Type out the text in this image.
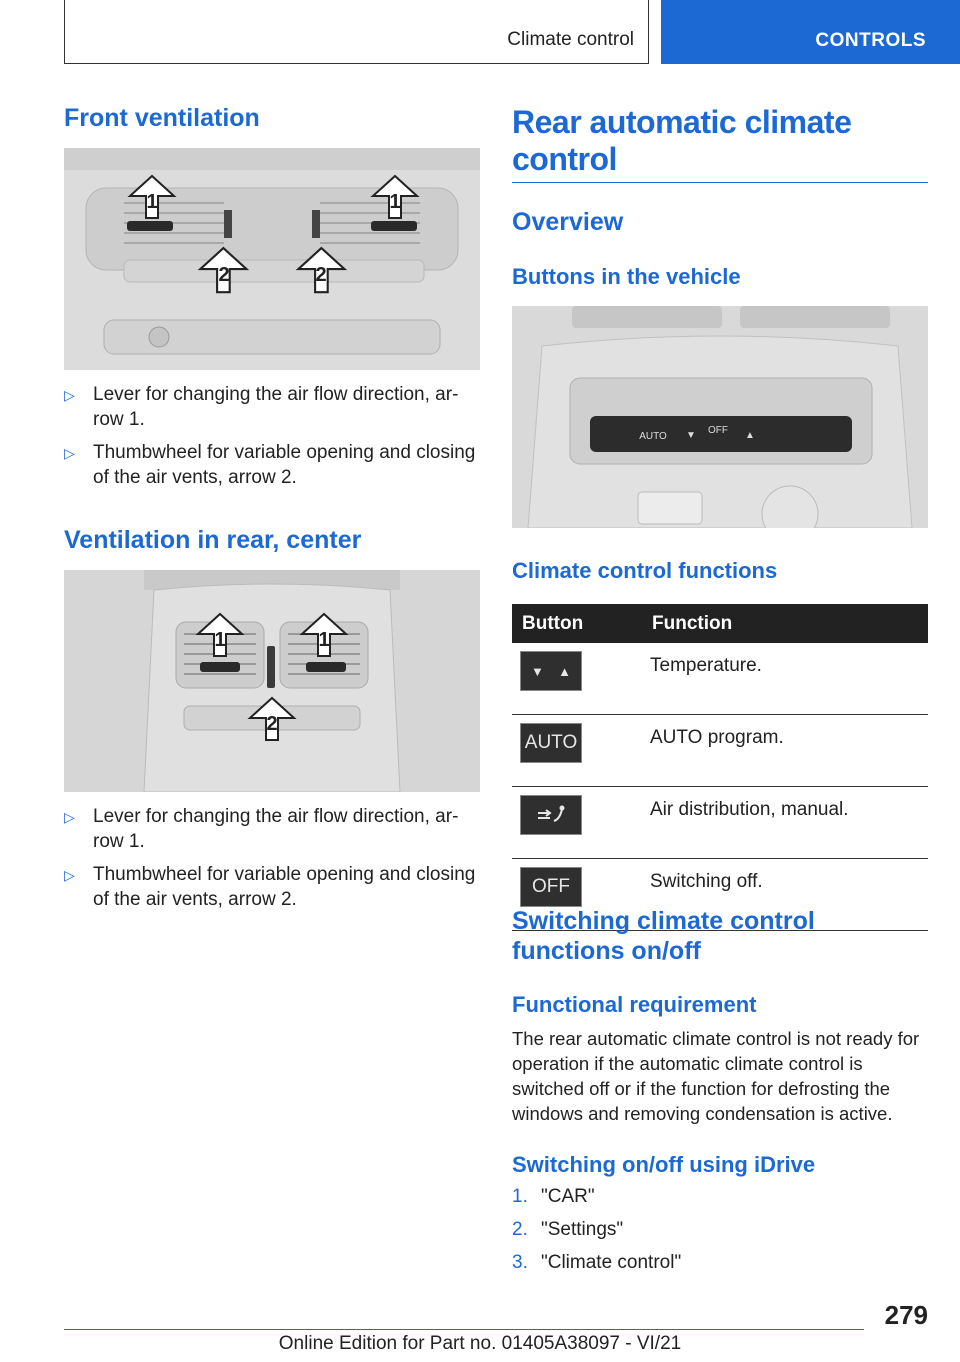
Climate control	CONTROLS
Front ventilation
1	1
2	2
▷ Lever for changing the air flow direction, ar-
row 1.
▷ Thumbwheel for variable opening and closing of the air vents, arrow 2.
Ventilation in rear, center
1	1
2
▷ Lever for changing the air flow direction, ar-
row 1.
▷ Thumbwheel for variable opening and closing of the air vents, arrow 2.
Rear automatic climate control
Overview
Buttons in the vehicle
AUTO
OFF
▼	▲
Climate control functions
Button	Function

▼ ▲	Temperature.

AUTO	AUTO program.

	Air distribution, manual.

OFF	Switching off.
Switching climate control functions on/off
Functional requirement
The rear automatic climate control is not ready for operation if the automatic climate control is switched off or if the function for defrosting the windows and removing condensation is active.
Switching on/off using iDrive
1. "CAR"
2. "Settings"
3. "Climate control"
279
Online Edition for Part no. 01405A38097 - VI/21
